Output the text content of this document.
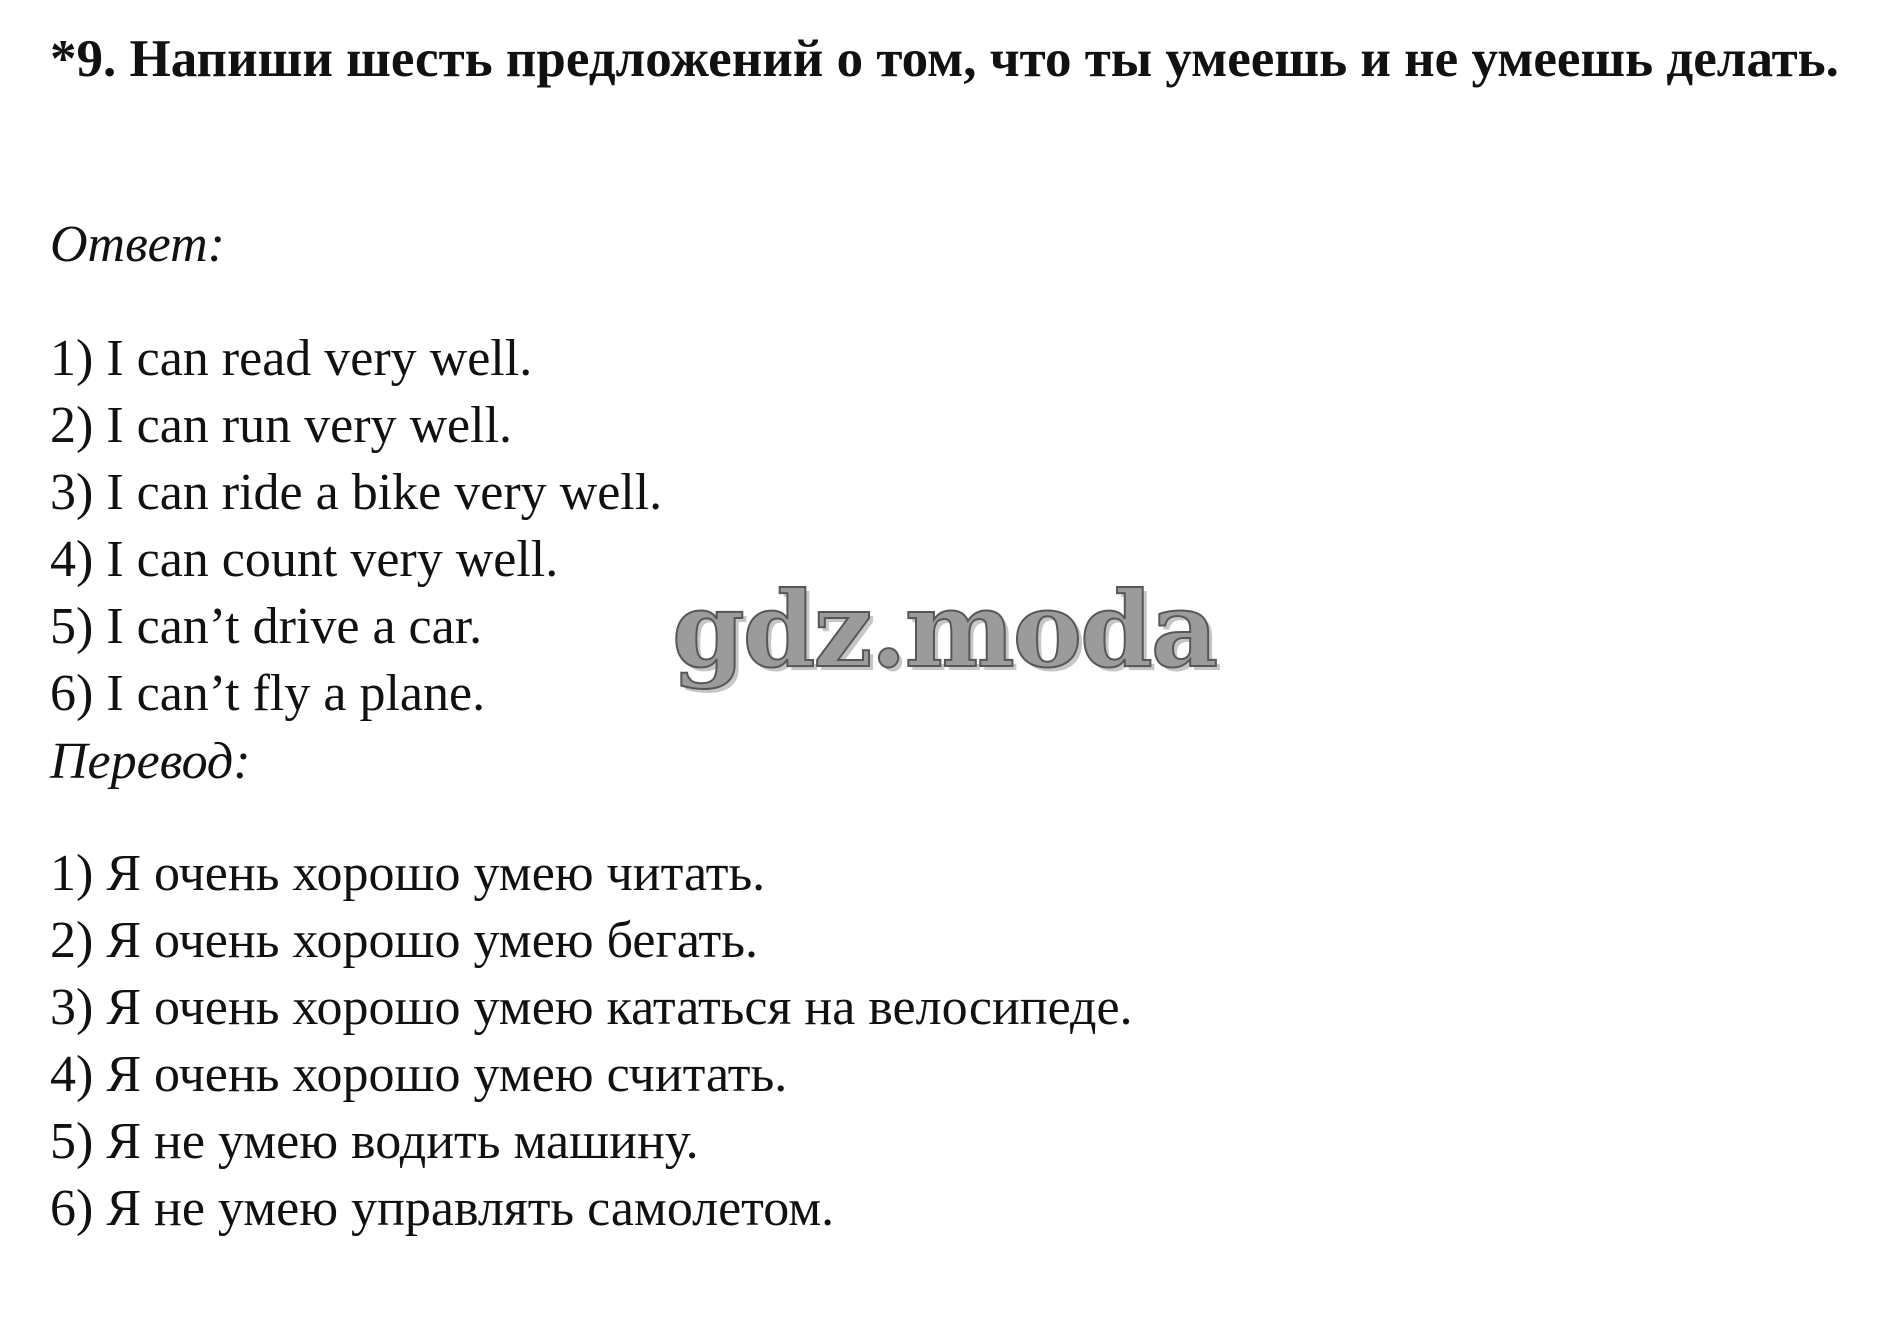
*9. Напиши шесть предложений о том, что ты умеешь и не умеешь делать.

Ответ:

1) I can read very well.
2) I can run very well.
3) I can ride a bike very well.
4) I can count very well.
5) I can’t drive a car.
6) I can’t fly a plane.

Перевод:

1) Я очень хорошо умею читать.
2) Я очень хорошо умею бегать.
3) Я очень хорошо умею кататься на велосипеде.
4) Я очень хорошо умею считать.
5) Я не умею водить машину.
6) Я не умею управлять самолетом.
gdz.moda
